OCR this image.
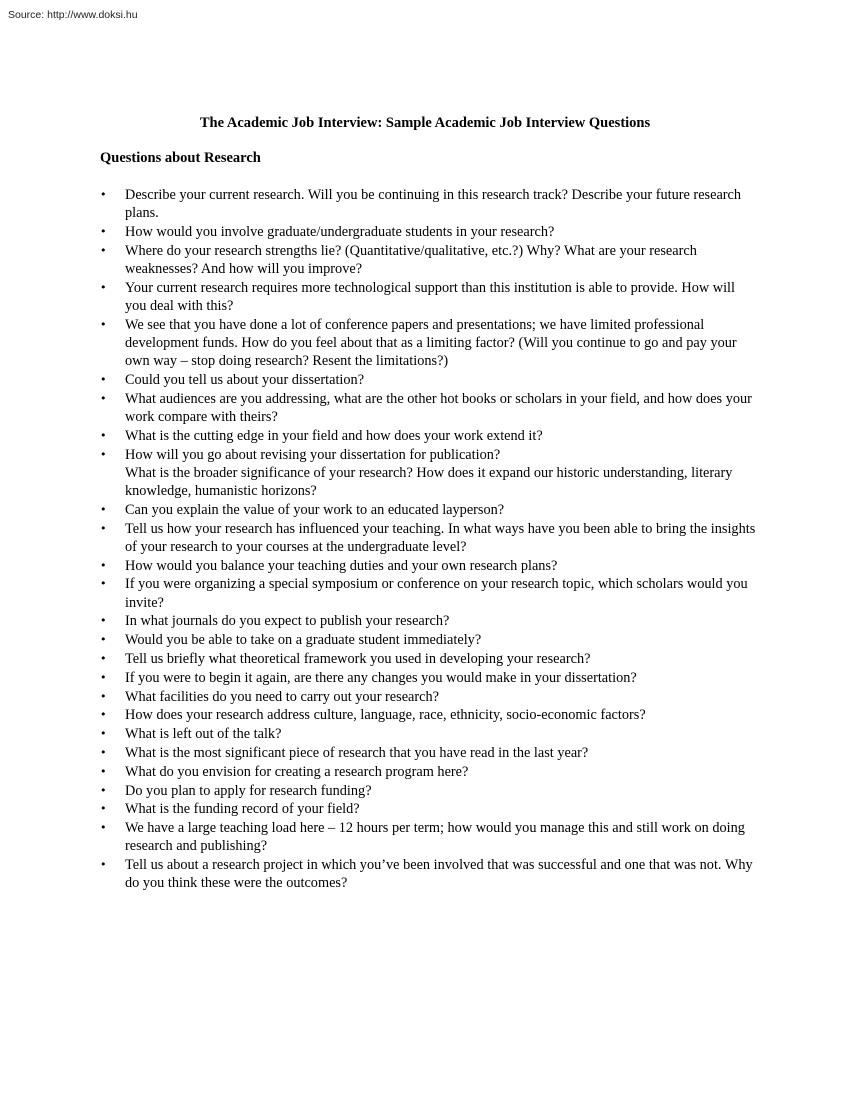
Source: http://www.doksi.hu
The Academic Job Interview: Sample Academic Job Interview Questions
Questions about Research
• Describe your current research. Will you be continuing in this research track? Describe your future research plans.
• How would you involve graduate/undergraduate students in your research?
• Where do your research strengths lie? (Quantitative/qualitative, etc.?) Why? What are your research weaknesses? And how will you improve?
• Your current research requires more technological support than this institution is able to provide. How will you deal with this?
• We see that you have done a lot of conference papers and presentations; we have limited professional development funds. How do you feel about that as a limiting factor? (Will you continue to go and pay your own way – stop doing research? Resent the limitations?)
• Could you tell us about your dissertation?
• What audiences are you addressing, what are the other hot books or scholars in your field, and how does your work compare with theirs?
• What is the cutting edge in your field and how does your work extend it?
• How will you go about revising your dissertation for publication?
What is the broader significance of your research? How does it expand our historic understanding, literary knowledge, humanistic horizons?
• Can you explain the value of your work to an educated layperson?
• Tell us how your research has influenced your teaching. In what ways have you been able to bring the insights of your research to your courses at the undergraduate level?
• How would you balance your teaching duties and your own research plans?
• If you were organizing a special symposium or conference on your research topic, which scholars would you invite?
• In what journals do you expect to publish your research?
• Would you be able to take on a graduate student immediately?
• Tell us briefly what theoretical framework you used in developing your research?
• If you were to begin it again, are there any changes you would make in your dissertation?
• What facilities do you need to carry out your research?
• How does your research address culture, language, race, ethnicity, socio-economic factors?
• What is left out of the talk?
• What is the most significant piece of research that you have read in the last year?
• What do you envision for creating a research program here?
• Do you plan to apply for research funding?
• What is the funding record of your field?
• We have a large teaching load here – 12 hours per term; how would you manage this and still work on doing research and publishing?
• Tell us about a research project in which you’ve been involved that was successful and one that was not. Why do you think these were the outcomes?
